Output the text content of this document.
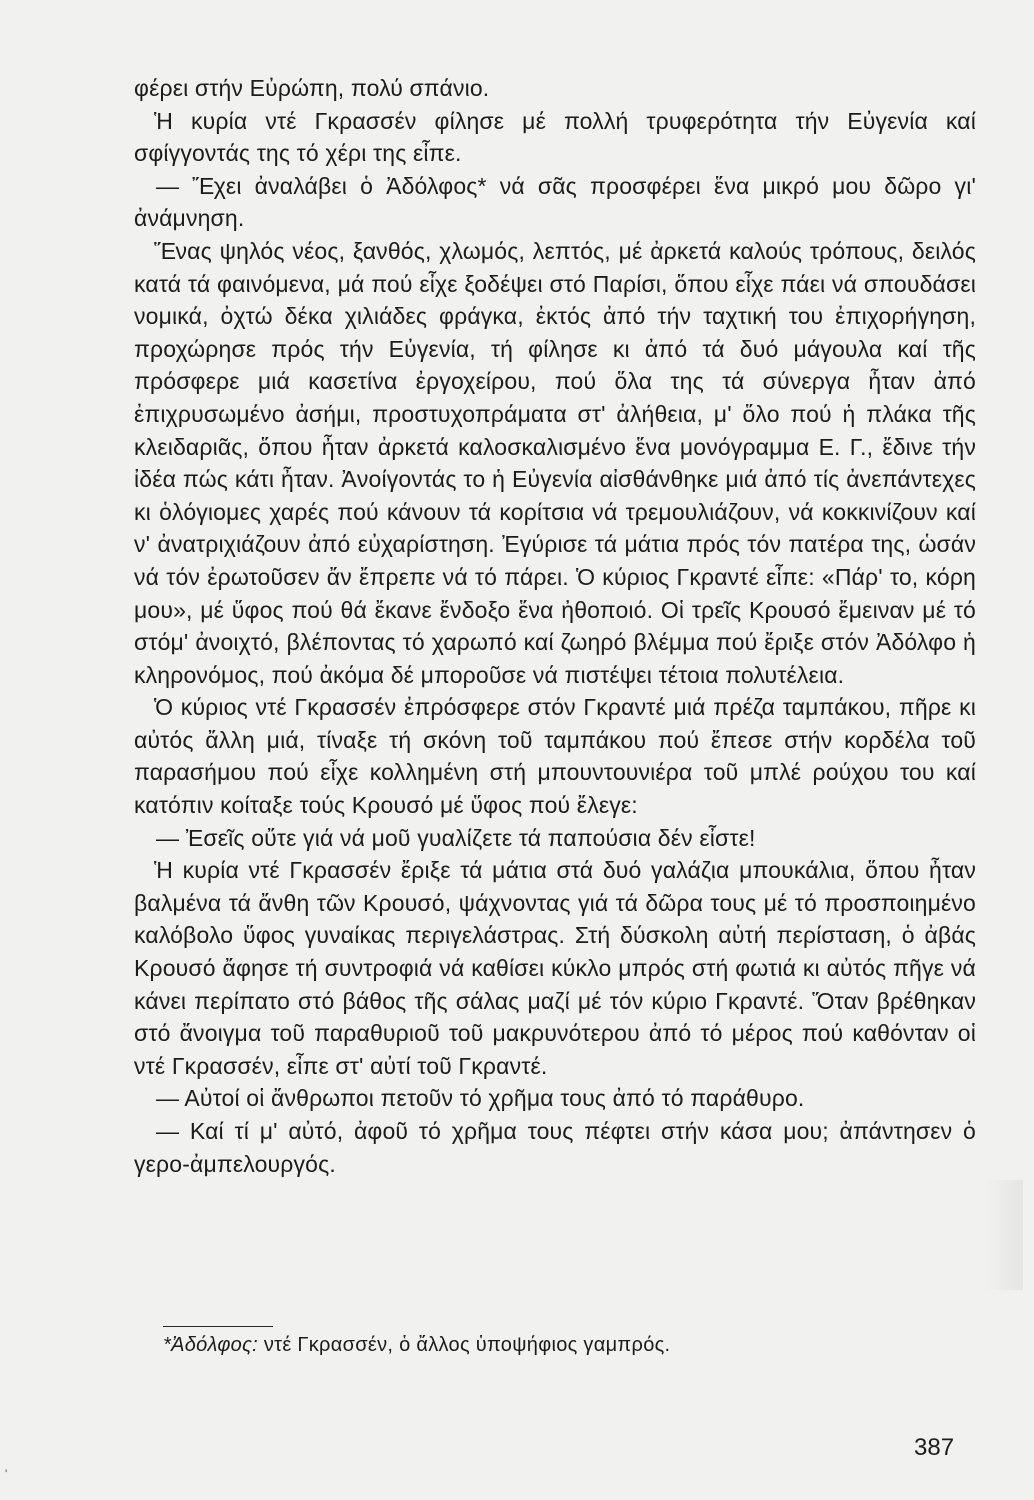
φέρει στήν Εὐρώπη, πολύ σπάνιο.

Ἡ κυρία ντέ Γκρασσέν φίλησε μέ πολλή τρυφερότητα τήν Εὐγενία καί σφίγγοντάς της τό χέρι της εἶπε.

— Ἔχει ἀναλάβει ὁ Ἀδόλφος* νά σᾶς προσφέρει ἕνα μικρό μου δῶρο γι' ἀνάμνηση.

Ἕνας ψηλός νέος, ξανθός, χλωμός, λεπτός, μέ ἀρκετά καλούς τρόπους, δειλός κατά τά φαινόμενα, μά πού εἶχε ξοδέψει στό Παρίσι, ὅπου εἶχε πάει νά σπουδάσει νομικά, ὀχτώ δέκα χιλιάδες φράγκα, ἐκτός ἀπό τήν ταχτική του ἐπιχορήγηση, προχώρησε πρός τήν Εὐγενία, τή φίλησε κι ἀπό τά δυό μάγουλα καί τῆς πρόσφερε μιά κασετίνα ἐργοχείρου, πού ὅλα της τά σύνεργα ἦταν ἀπό ἐπιχρυσωμένο ἀσήμι, προστυχοπράματα στ' ἀλήθεια, μ' ὅλο πού ἡ πλάκα τῆς κλειδαριᾶς, ὅπου ἦταν ἀρκετά καλοσκαλισμένο ἕνα μονόγραμμα Ε. Γ., ἔδινε τήν ἰδέα πώς κάτι ἦταν. Ἀνοίγοντάς το ἡ Εὐγενία αἰσθάνθηκε μιά ἀπό τίς ἀνεπάντεχες κι ὁλόγιομες χαρές πού κάνουν τά κορίτσια νά τρεμουλιάζουν, νά κοκκινίζουν καί ν' ἀνατριχιάζουν ἀπό εὐχαρίστηση. Ἐγύρισε τά μάτια πρός τόν πατέρα της, ὡσάν νά τόν ἐρωτοῦσεν ἄν ἔπρεπε νά τό πάρει. Ὁ κύριος Γκραντέ εἶπε: «Πάρ' το, κόρη μου», μέ ὕφος πού θά ἔκανε ἔνδοξο ἕνα ἠθοποιό. Οἱ τρεῖς Κρουσό ἔμειναν μέ τό στόμ' ἀνοιχτό, βλέποντας τό χαρωπό καί ζωηρό βλέμμα πού ἔριξε στόν Ἀδόλφο ἡ κληρονόμος, πού ἀκόμα δέ μποροῦσε νά πιστέψει τέτοια πολυτέλεια.

Ὁ κύριος ντέ Γκρασσέν ἐπρόσφερε στόν Γκραντέ μιά πρέζα ταμπάκου, πῆρε κι αὐτός ἄλλη μιά, τίναξε τή σκόνη τοῦ ταμπάκου πού ἔπεσε στήν κορδέλα τοῦ παρασήμου πού εἶχε κολλημένη στή μπουντουνιέρα τοῦ μπλέ ρούχου του καί κατόπιν κοίταξε τούς Κρουσό μέ ὕφος πού ἔλεγε:

— Ἐσεῖς οὔτε γιά νά μοῦ γυαλίζετε τά παπούσια δέν εἶστε!

Ἡ κυρία ντέ Γκρασσέν ἔριξε τά μάτια στά δυό γαλάζια μπουκάλια, ὅπου ἦταν βαλμένα τά ἄνθη τῶν Κρουσό, ψάχνοντας γιά τά δῶρα τους μέ τό προσποιημένο καλόβολο ὕφος γυναίκας περιγελάστρας. Στή δύσκολη αὐτή περίσταση, ὁ ἀβάς Κρουσό ἄφησε τή συντροφιά νά καθίσει κύκλο μπρός στή φωτιά κι αὐτός πῆγε νά κάνει περίπατο στό βάθος τῆς σάλας μαζί μέ τόν κύριο Γκραντέ. Ὅταν βρέθηκαν στό ἄνοιγμα τοῦ παραθυριοῦ τοῦ μακρυνότερου ἀπό τό μέρος πού καθόνταν οἱ ντέ Γκρασσέν, εἶπε στ' αὐτί τοῦ Γκραντέ.

— Αὐτοί οἱ ἄνθρωποι πετοῦν τό χρῆμα τους ἀπό τό παράθυρο.

— Καί τί μ' αὐτό, ἀφοῦ τό χρῆμα τους πέφτει στήν κάσα μου; ἀπάντησεν ὁ γερο-ἀμπελουργός.

*Ἀδόλφος: ντέ Γκρασσέν, ὁ ἄλλος ὑποψήφιος γαμπρός.
387
'
